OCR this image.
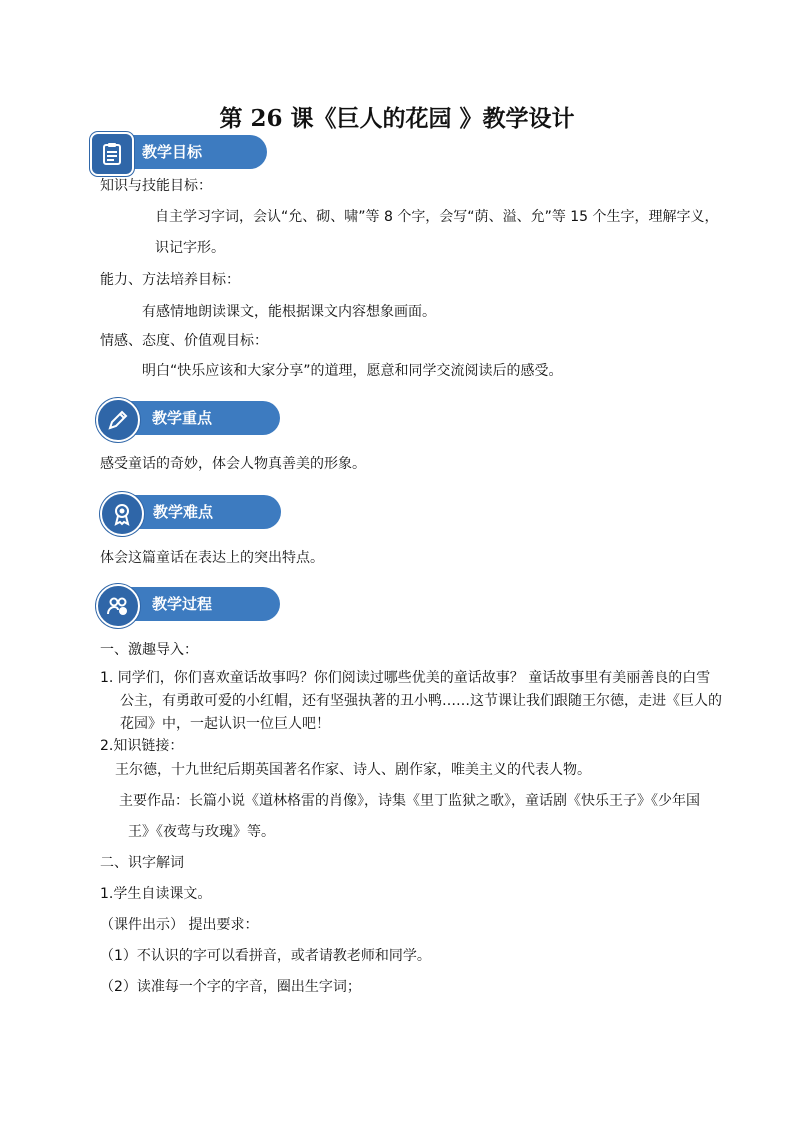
第 26 课《巨人的花园 》教学设计
教学目标
知识与技能目标：
自主学习字词，会认“允、砌、啸”等 8 个字，会写“荫、溢、允”等 15 个生字，理解字义，
识记字形。
能力、方法培养目标：
有感情地朗读课文，能根据课文内容想象画面。
情感、态度、价值观目标：
明白“快乐应该和大家分享”的道理，愿意和同学交流阅读后的感受。
教学重点
感受童话的奇妙，体会人物真善美的形象。
教学难点
体会这篇童话在表达上的突出特点。
教学过程
一、激趣导入：
1. 同学们，你们喜欢童话故事吗？你们阅读过哪些优美的童话故事？ 童话故事里有美丽善良的白雪
公主，有勇敢可爱的小红帽，还有坚强执著的丑小鸭……这节课让我们跟随王尔德，走进《巨人的
花园》中，一起认识一位巨人吧！
2.知识链接：
王尔德，十九世纪后期英国著名作家、诗人、剧作家，唯美主义的代表人物。
主要作品：长篇小说《道林格雷的肖像》，诗集《里丁监狱之歌》，童话剧《快乐王子》《少年国
王》《夜莺与玫瑰》等。
二、识字解词
1.学生自读课文。
（课件出示） 提出要求：
（1）不认识的字可以看拼音，或者请教老师和同学。
（2）读准每一个字的字音，圈出生字词；
